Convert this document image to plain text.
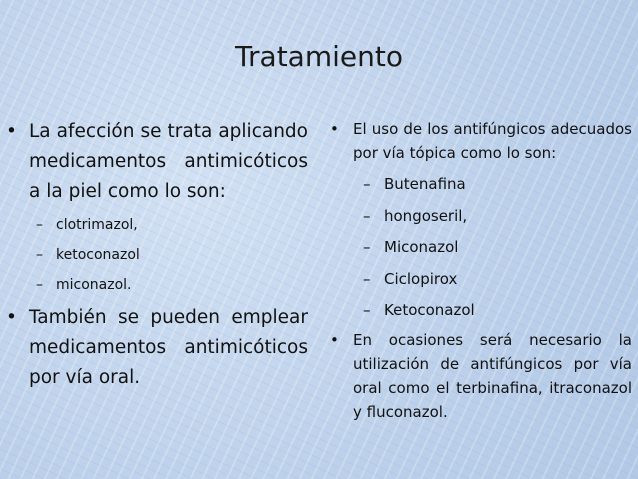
Tratamiento
• La afección se trata aplicando medicamentos antimicóticos a la piel como lo son:
– clotrimazol,
– ketoconazol
– miconazol.
• También se pueden emplear medicamentos antimicóticos por vía oral.
• El uso de los antifúngicos adecuados por vía tópica como lo son:
– Butenafina
– hongoseril,
– Miconazol
– Ciclopirox
– Ketoconazol
• En ocasiones será necesario la utilización de antifúngicos por vía oral como el terbinafina, itraconazol y fluconazol.
